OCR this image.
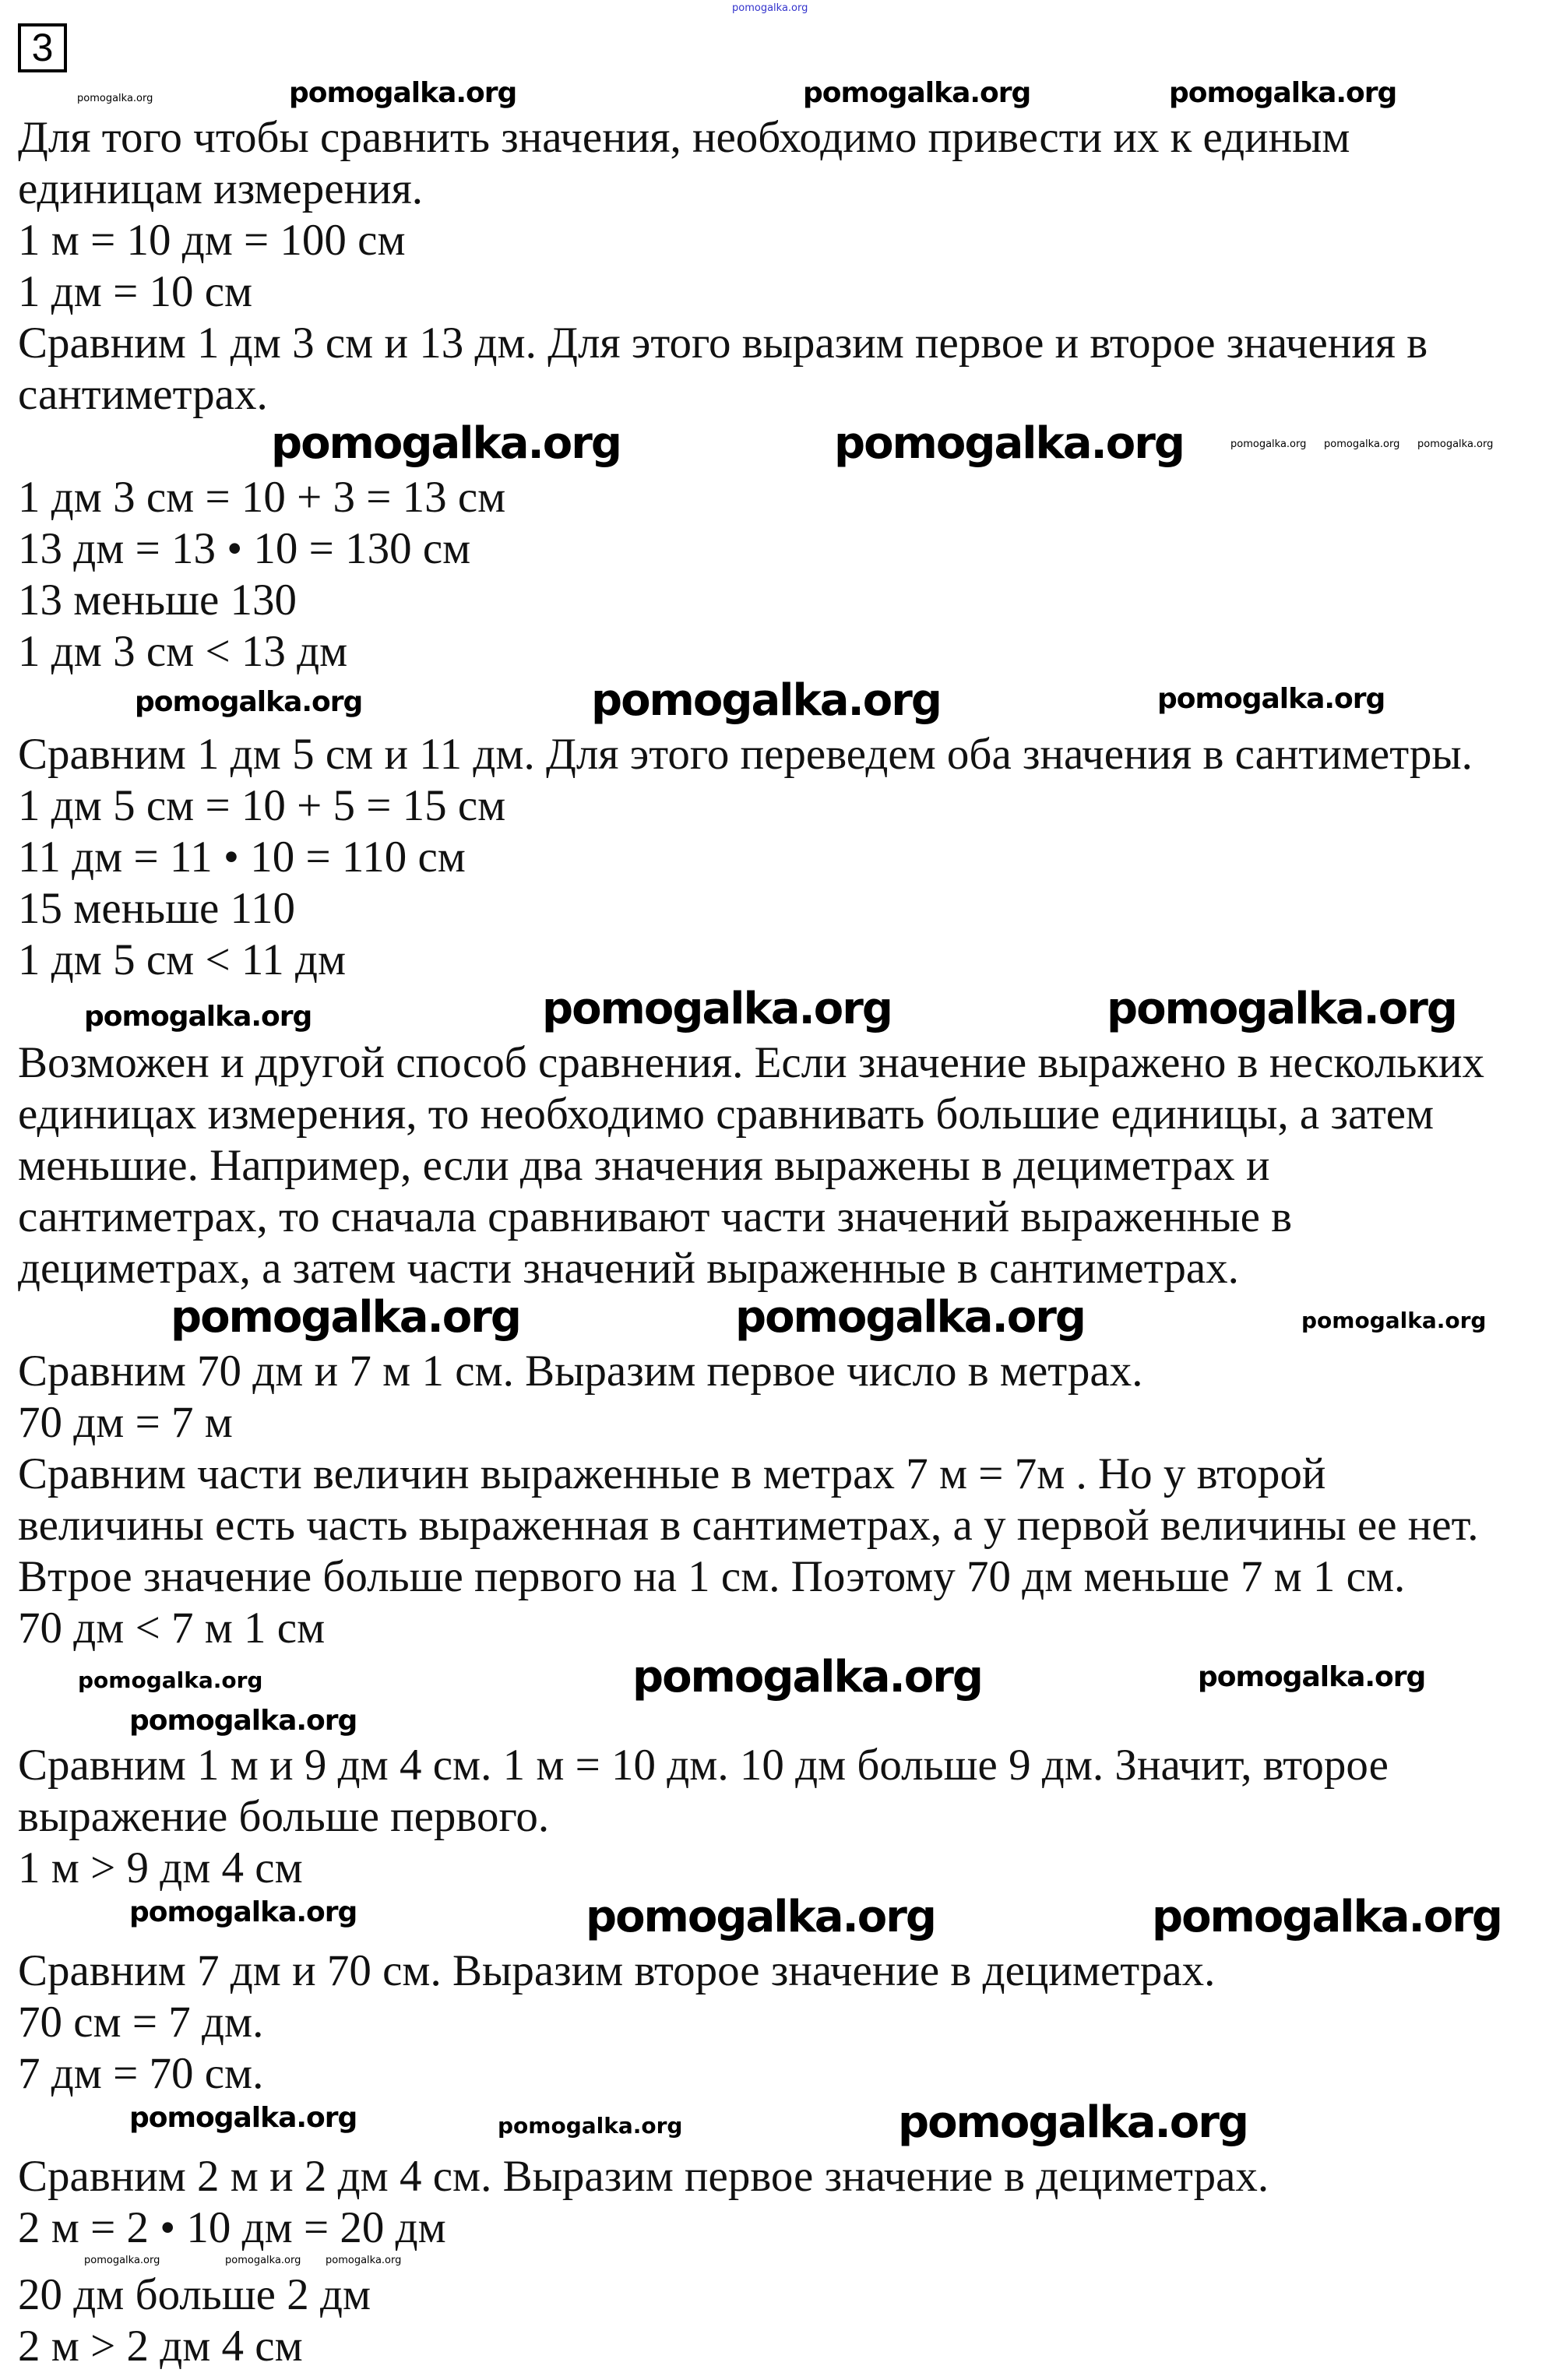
pomogalka.org
3
pomogalka.org	pomogalka.org	pomogalka.org	pomogalka.org
Для того чтобы сравнить значения, необходимо привести их к единым
единицам измерения.
1 м = 10 дм = 100 см
1 дм = 10 см
Сравним 1 дм 3 см и 13 дм. Для этого выразим первое и второе значения в
сантиметрах.
pomogalka.org	pomogalka.org	pomogalka.org pomogalka.org pomogalka.org
1 дм 3 см = 10 + 3 = 13 см
13 дм = 13 • 10 = 130 см
13 меньше 130
1 дм 3 см < 13 дм
pomogalka.org	pomogalka.org	pomogalka.org
Сравним 1 дм 5 см и 11 дм. Для этого переведем оба значения в сантиметры.
1 дм 5 см = 10 + 5 = 15 см
11 дм = 11 • 10 = 110 см
15 меньше 110
1 дм 5 см < 11 дм
pomogalka.org	pomogalka.org	pomogalka.org
Возможен и другой способ сравнения. Если значение выражено в нескольких
единицах измерения, то необходимо сравнивать большие единицы, а затем
меньшие. Например, если два значения выражены в дециметрах и
сантиметрах, то сначала сравнивают части значений выраженные в
дециметрах, а затем части значений выраженные в сантиметрах.
pomogalka.org	pomogalka.org	pomogalka.org
Сравним 70 дм и 7 м 1 см. Выразим первое число в метрах.
70 дм = 7 м
Сравним части величин выраженные в метрах 7 м = 7м . Но у второй
величины есть часть выраженная в сантиметрах, а у первой величины ее нет.
Втрое значение больше первого на 1 см. Поэтому 70 дм меньше 7 м 1 см.
70 дм < 7 м 1 см
pomogalka.org	pomogalka.org	pomogalka.org
pomogalka.org
Сравним 1 м и 9 дм 4 см. 1 м = 10 дм. 10 дм больше 9 дм. Значит, второе
выражение больше первого.
1 м > 9 дм 4 см
pomogalka.org	pomogalka.org	pomogalka.org
Сравним 7 дм и 70 см. Выразим второе значение в дециметрах.
70 см = 7 дм.
7 дм = 70 см.
pomogalka.org	pomogalka.org	pomogalka.org
Сравним 2 м и 2 дм 4 см. Выразим первое значение в дециметрах.
2 м = 2 • 10 дм = 20 дм
pomogalka.org	pomogalka.org pomogalka.org
20 дм больше 2 дм
2 м > 2 дм 4 см
